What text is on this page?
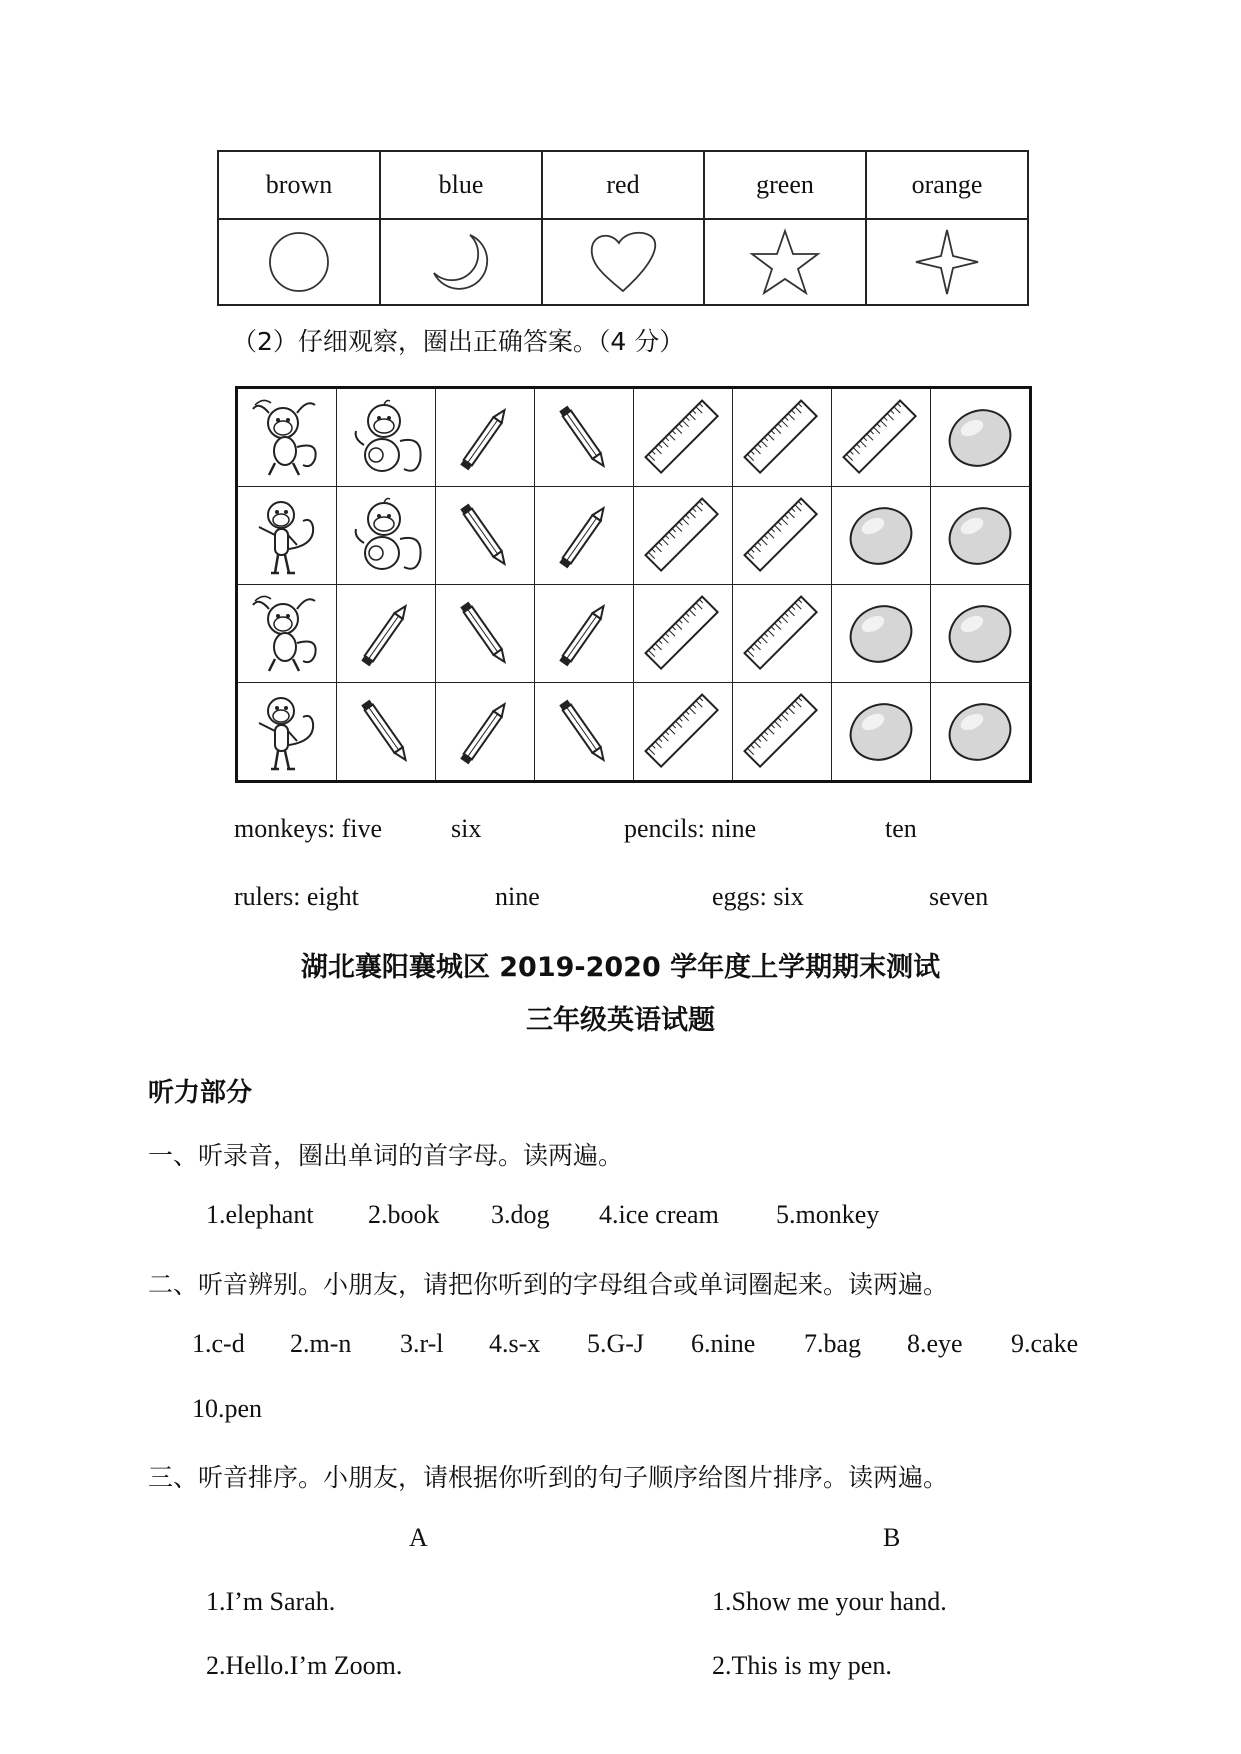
brown	blue	red	green	orange

（2）仔细观察，圈出正确答案。（4 分）

monkeys: five	six	pencils: nine	ten
rulers: eight	nine	eggs: six	seven
湖北襄阳襄城区 2019-2020 学年度上学期期末测试
三年级英语试题
听力部分
一、听录音，圈出单词的首字母。读两遍。
1.elephant 2.book 3.dog 4.ice cream 5.monkey
二、听音辨别。小朋友，请把你听到的字母组合或单词圈起来。读两遍。
1.c-d 2.m-n 3.r-l 4.s-x 5.G-J 6.nine 7.bag 8.eye 9.cake
10.pen
三、听音排序。小朋友，请根据你听到的句子顺序给图片排序。读两遍。
A	B
1.I’m Sarah.	1.Show me your hand.
2.Hello.I’m Zoom.	2.This is my pen.
